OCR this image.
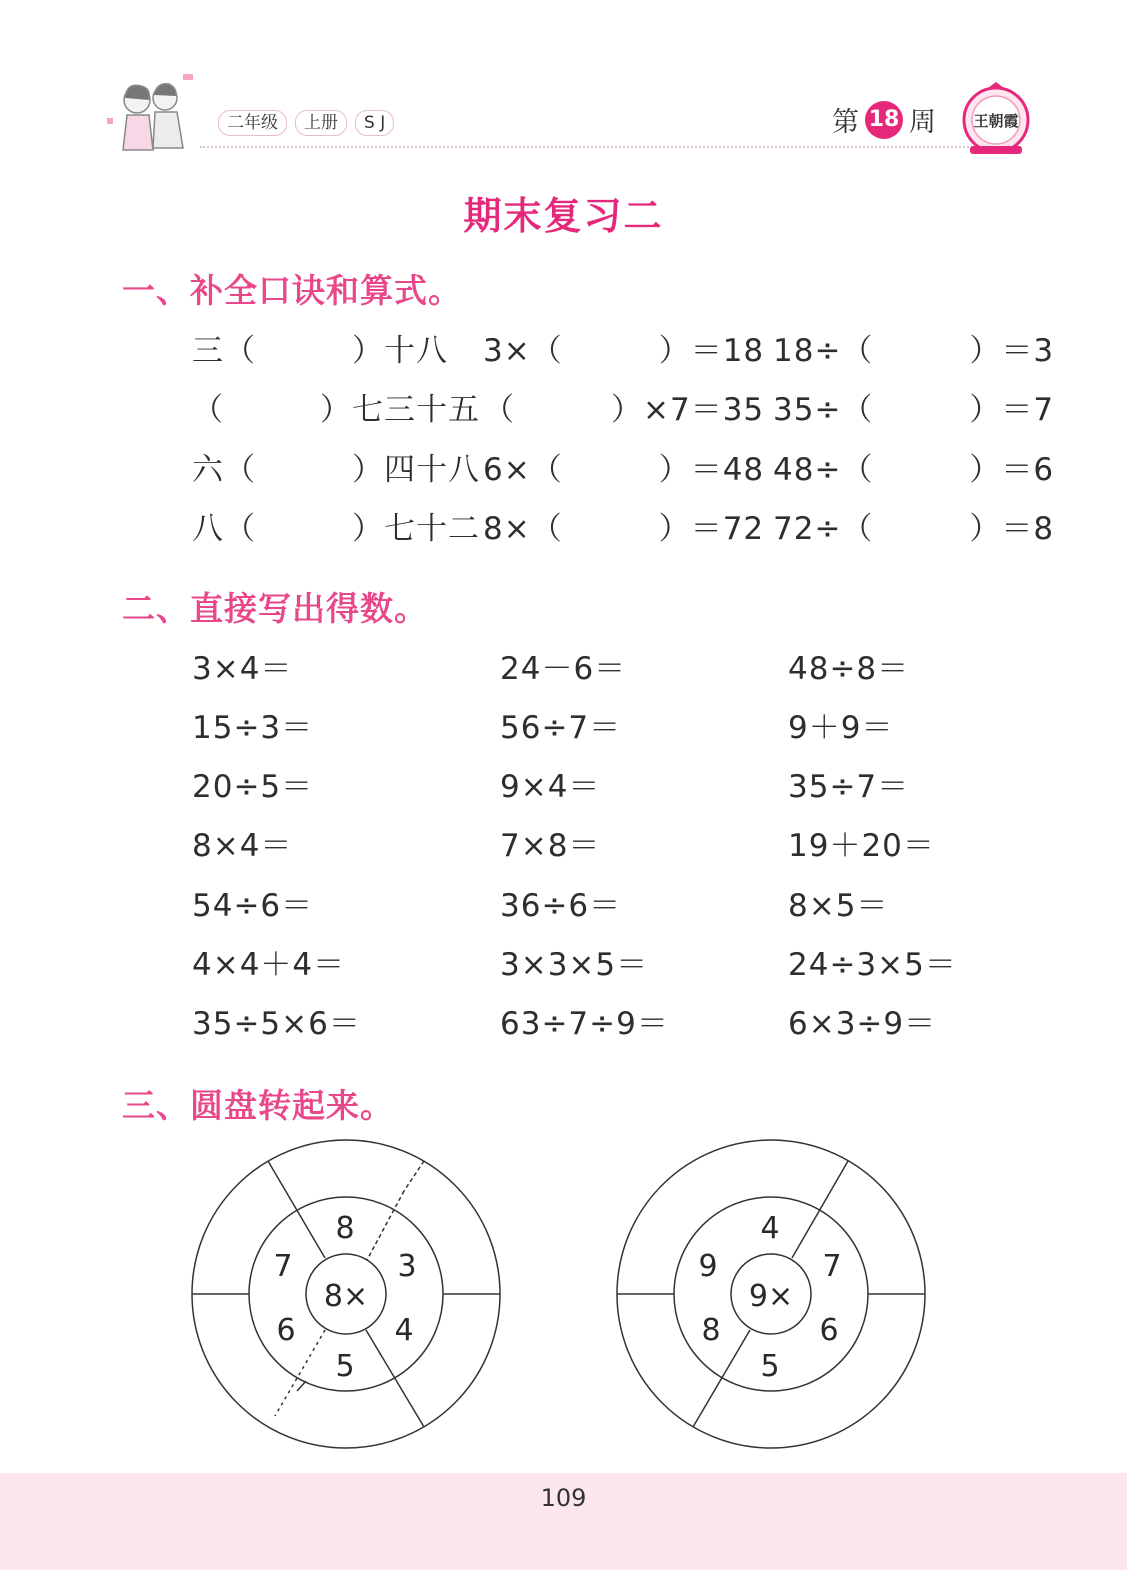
二年级	上册	S J	第 18 周 王朝霞
期末复习二
一、补全口诀和算式。
三（　　　）十八 3×（　　　）＝18 18÷（　　　）＝3
（　　　）七三十五 （　　　）×7＝35 35÷（　　　）＝7
六（　　　）四十八 6×（　　　）＝48 48÷（　　　）＝6
八（　　　）七十二 8×（　　　）＝72 72÷（　　　）＝8
二、直接写出得数。
3×4＝	24－6＝	48÷8＝
15÷3＝	56÷7＝	9＋9＝
20÷5＝	9×4＝	35÷7＝
8×4＝	7×8＝	19＋20＝
54÷6＝	36÷6＝	8×5＝
4×4＋4＝	3×3×5＝	24÷3×5＝
35÷5×6＝	63÷7÷9＝	6×3÷9＝
三、圆盘转起来。
8
3
4
5
6
7
8×
4
7
6
5
8
9
9×
109
